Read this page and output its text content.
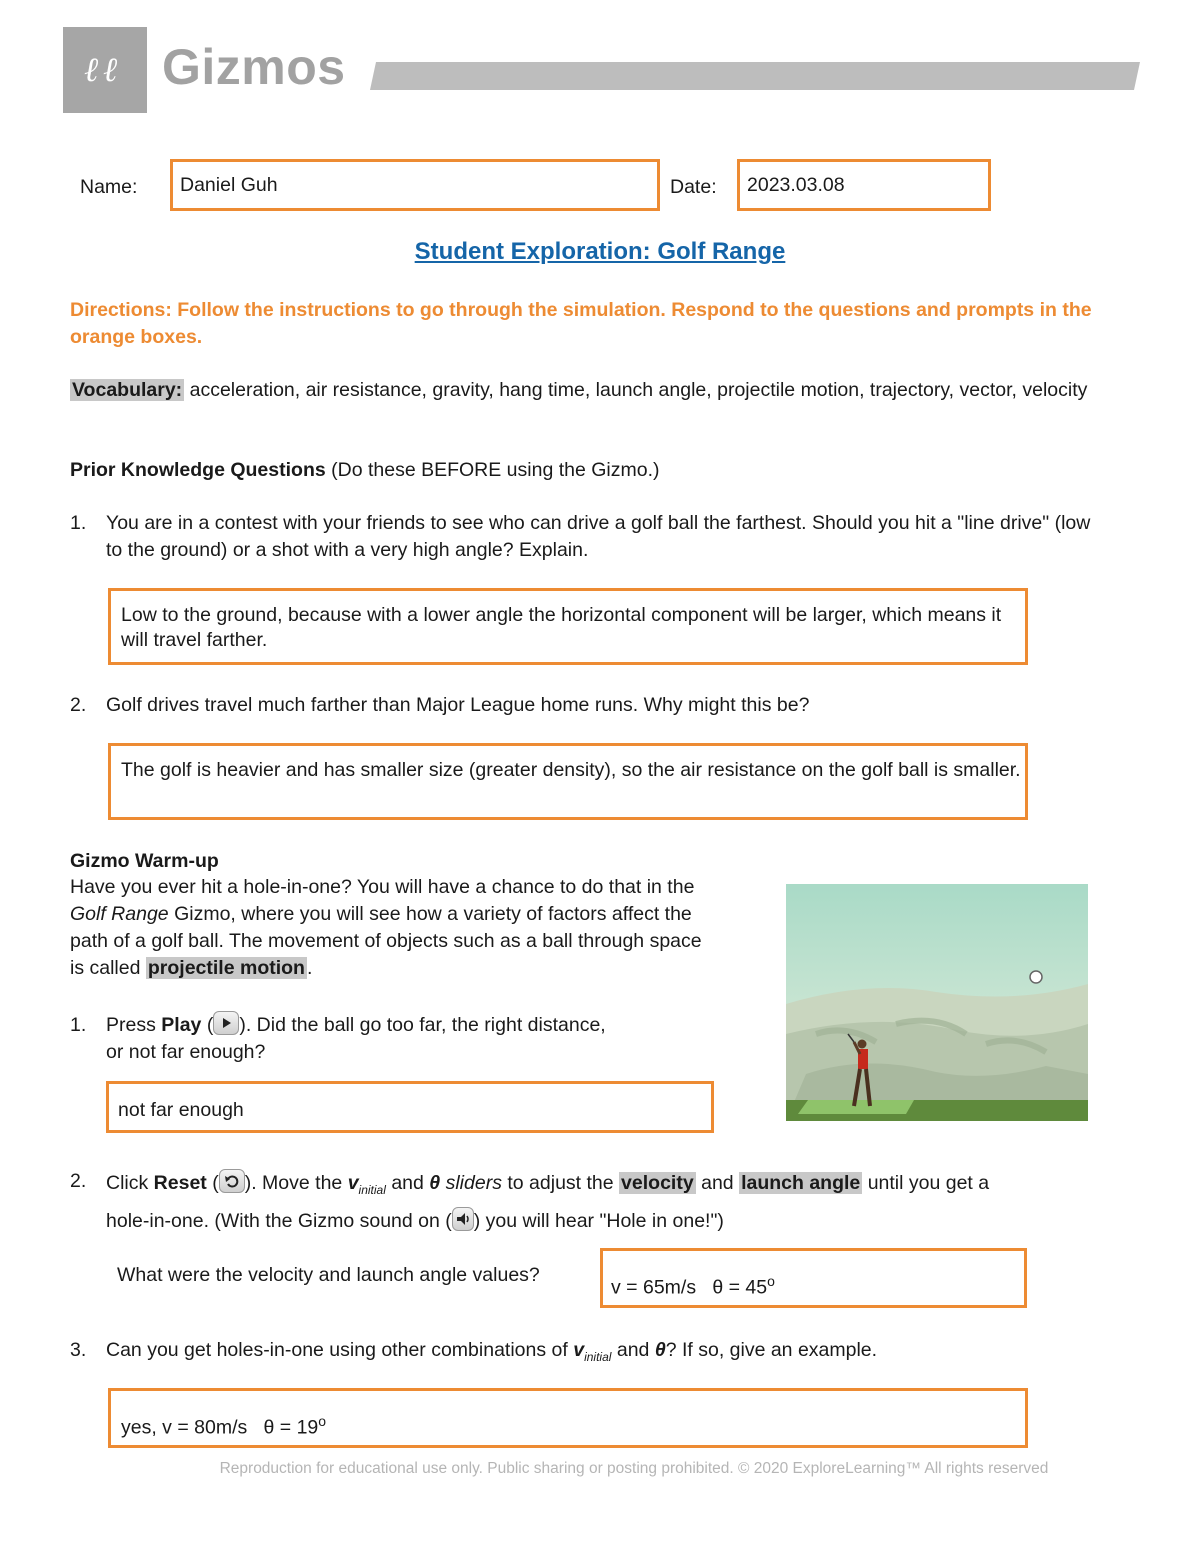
ℓ ℓ Gizmos
Name:	Daniel Guh	Date:	2023.03.08
Student Exploration: Golf Range
Directions: Follow the instructions to go through the simulation. Respond to the questions and prompts in the orange boxes.
Vocabulary: acceleration, air resistance, gravity, hang time, launch angle, projectile motion, trajectory, vector, velocity
Prior Knowledge Questions (Do these BEFORE using the Gizmo.)
1. You are in a contest with your friends to see who can drive a golf ball the farthest. Should you hit a "line drive" (low to the ground) or a shot with a very high angle? Explain.
Low to the ground, because with a lower angle the horizontal component will be larger, which means it will travel farther.
2. Golf drives travel much farther than Major League home runs. Why might this be?
The golf is heavier and has smaller size (greater density), so the air resistance on the golf ball is smaller.
Gizmo Warm-up
Have you ever hit a hole-in-one? You will have a chance to do that in the
Golf Range Gizmo, where you will see how a variety of factors affect the
path of a golf ball. The movement of objects such as a ball through space
is called projectile motion .
1. Press Play ( ). Did the ball go too far, the right distance,
or not far enough?
not far enough
2. Click Reset ( ). Move the $v_{initial}$ and θ sliders to adjust the velocity and launch angle until you get a
hole-in-one. (With the Gizmo sound on ( ) you will hear "Hole in one!")
What were the velocity and launch angle values?
v = 65m/s   $\theta = 45^o$
3. Can you get holes-in-one using other combinations of $v_{initial}$ and θ? If so, give an example.
yes, v = 80m/s   $\theta = 19^o$
Reproduction for educational use only. Public sharing or posting prohibited. © 2020 ExploreLearning™ All rights reserved
